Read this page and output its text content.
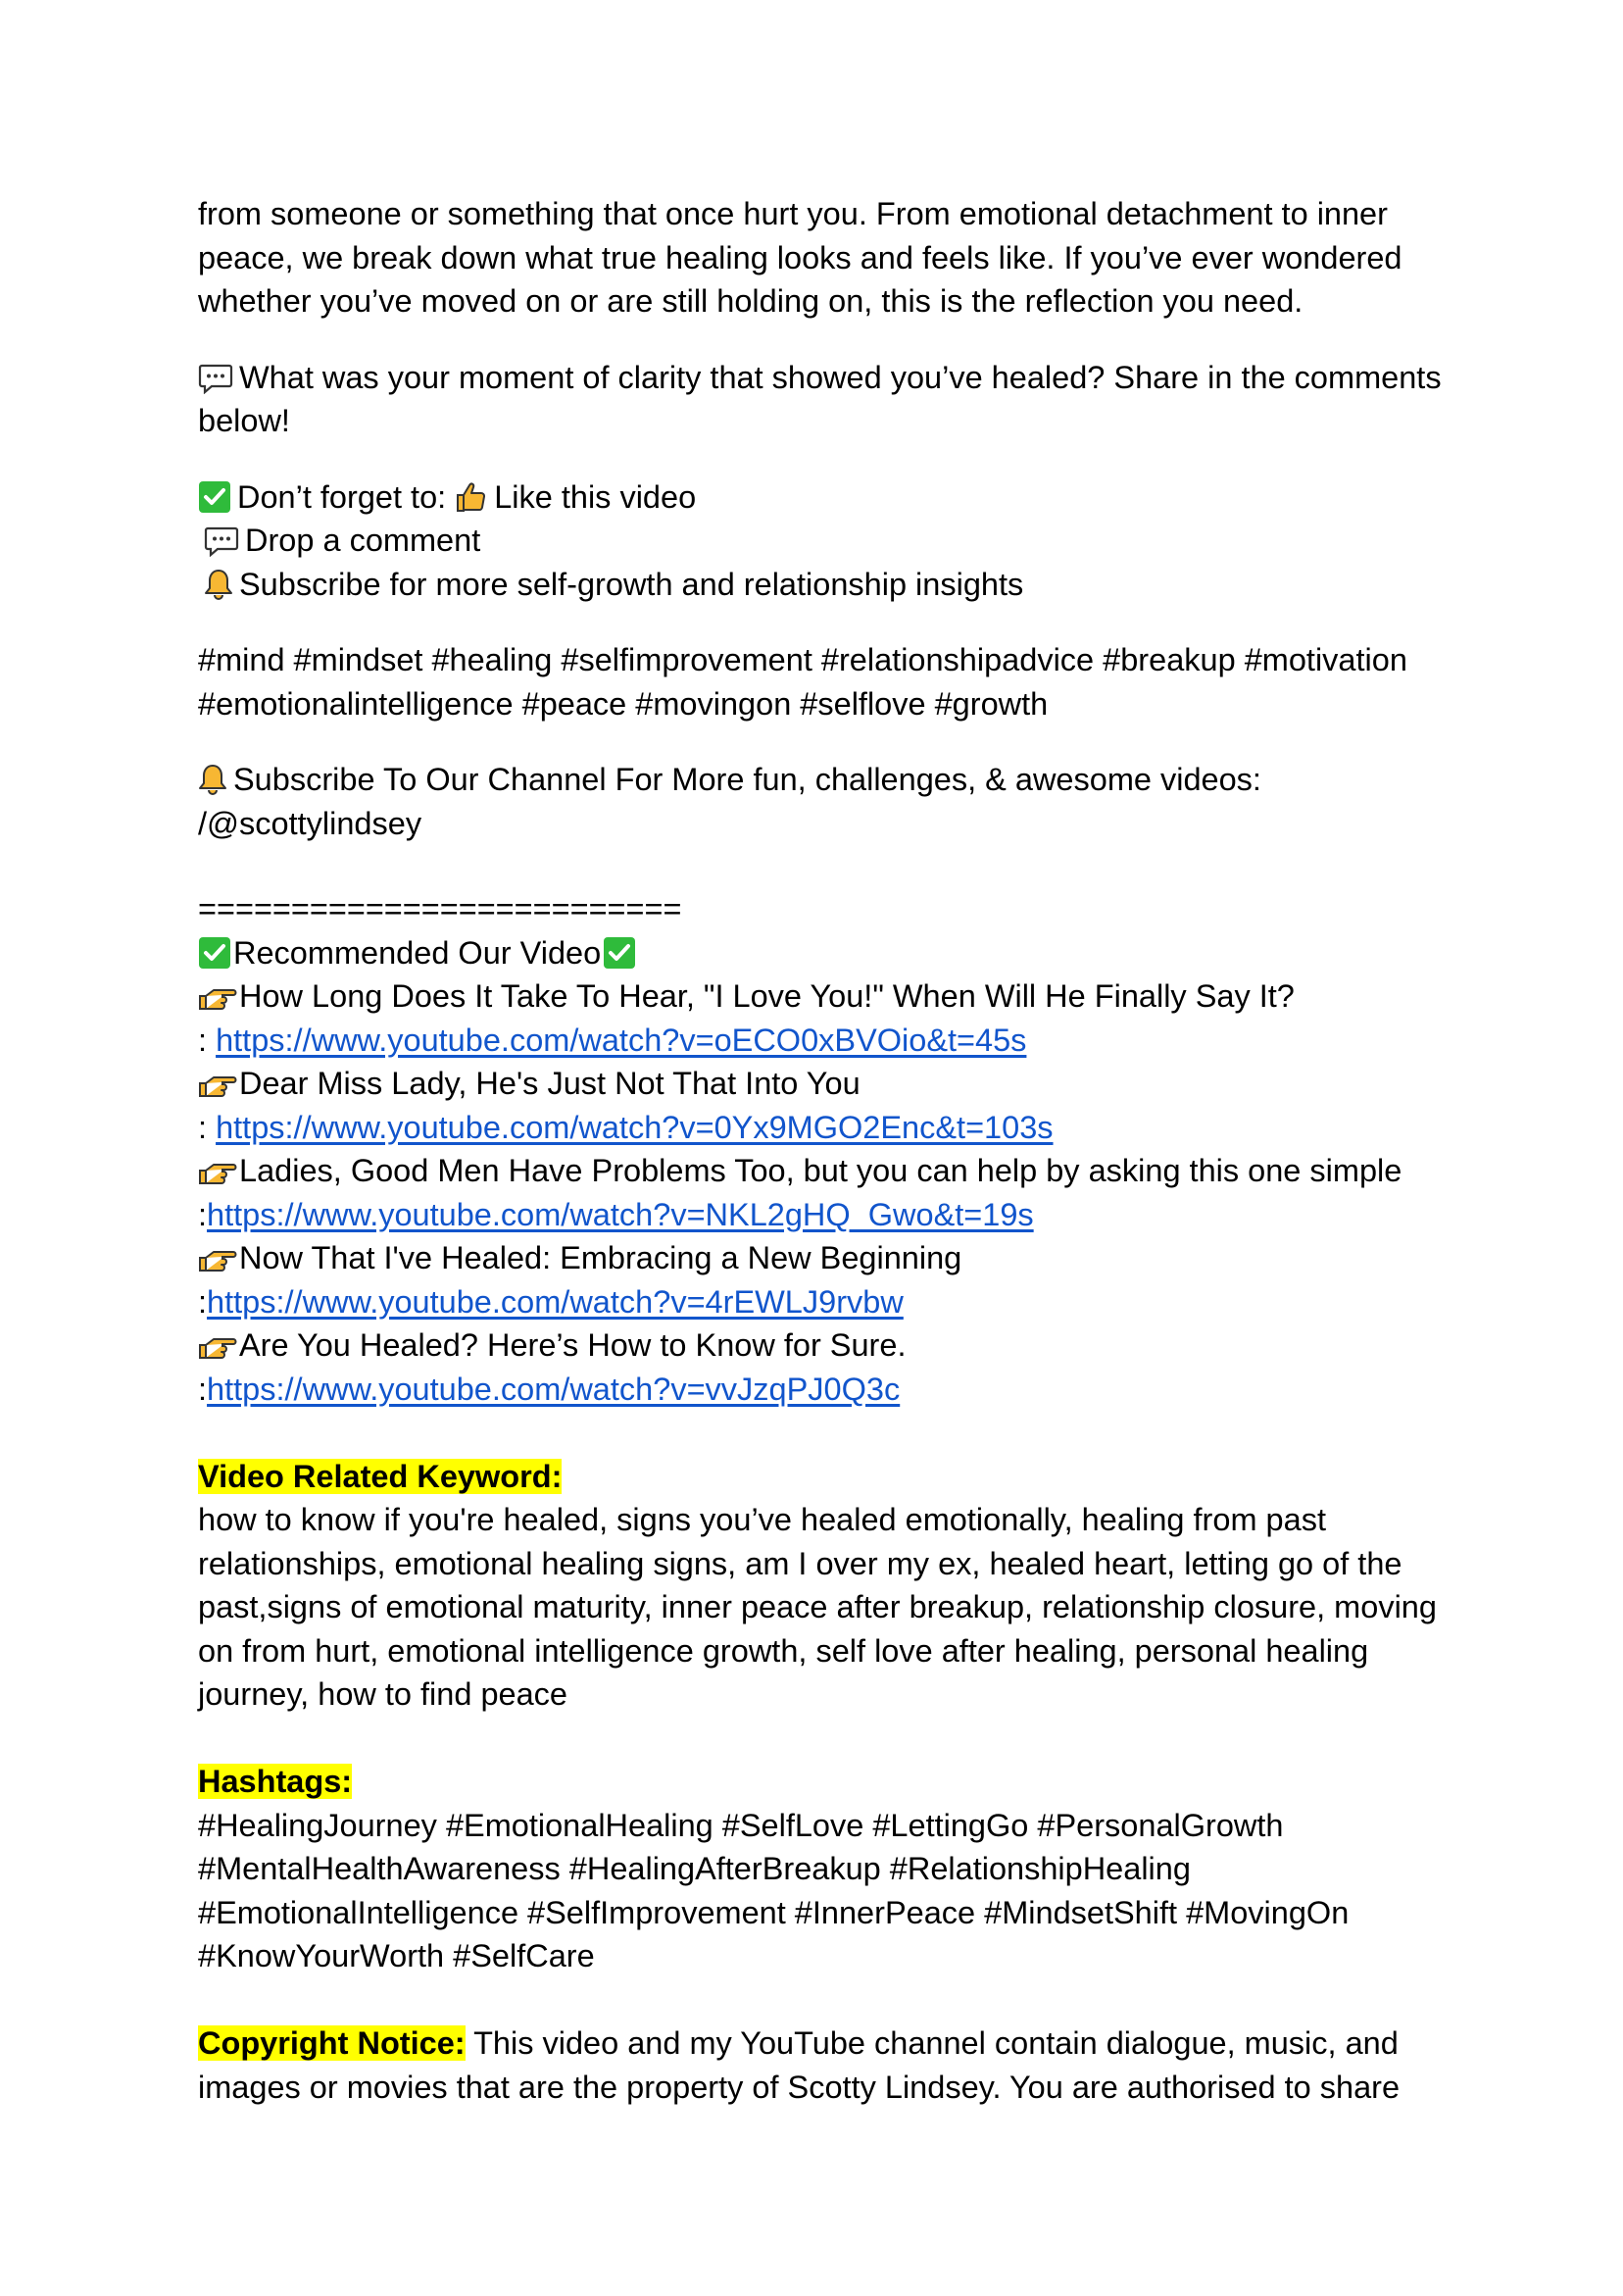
from someone or something that once hurt you. From emotional detachment to inner
peace, we break down what true healing looks and feels like. If you’ve ever wondered
whether you’ve moved on or are still holding on, this is the reflection you need.
What was your moment of clarity that showed you’ve healed? Share in the comments
below!
Don’t forget to: Like this video
Drop a comment
Subscribe for more self-growth and relationship insights
#mind #mindset #healing #selfimprovement #relationshipadvice #breakup #motivation
#emotionalintelligence #peace #movingon #selflove #growth
Subscribe To Our Channel For More fun, challenges, & awesome videos:
/@scottylindsey
==========================
Recommended Our Video
How Long Does It Take To Hear, "I Love You!" When Will He Finally Say It?
: https://www.youtube.com/watch?v=oECO0xBVOio&t=45s
Dear Miss Lady, He's Just Not That Into You
: https://www.youtube.com/watch?v=0Yx9MGO2Enc&t=103s
Ladies, Good Men Have Problems Too, but you can help by asking this one simple
:https://www.youtube.com/watch?v=NKL2gHQ_Gwo&t=19s
Now That I've Healed: Embracing a New Beginning
:https://www.youtube.com/watch?v=4rEWLJ9rvbw
Are You Healed? Here’s How to Know for Sure.
:https://www.youtube.com/watch?v=vvJzqPJ0Q3c
Video Related Keyword:
how to know if you're healed, signs you’ve healed emotionally, healing from past
relationships, emotional healing signs, am I over my ex, healed heart, letting go of the
past,signs of emotional maturity, inner peace after breakup, relationship closure, moving
on from hurt, emotional intelligence growth, self love after healing, personal healing
journey, how to find peace
Hashtags:
#HealingJourney #EmotionalHealing #SelfLove #LettingGo #PersonalGrowth
#MentalHealthAwareness #HealingAfterBreakup #RelationshipHealing
#EmotionalIntelligence #SelfImprovement #InnerPeace #MindsetShift #MovingOn
#KnowYourWorth #SelfCare
Copyright Notice: This video and my YouTube channel contain dialogue, music, and
images or movies that are the property of Scotty Lindsey. You are authorised to share
